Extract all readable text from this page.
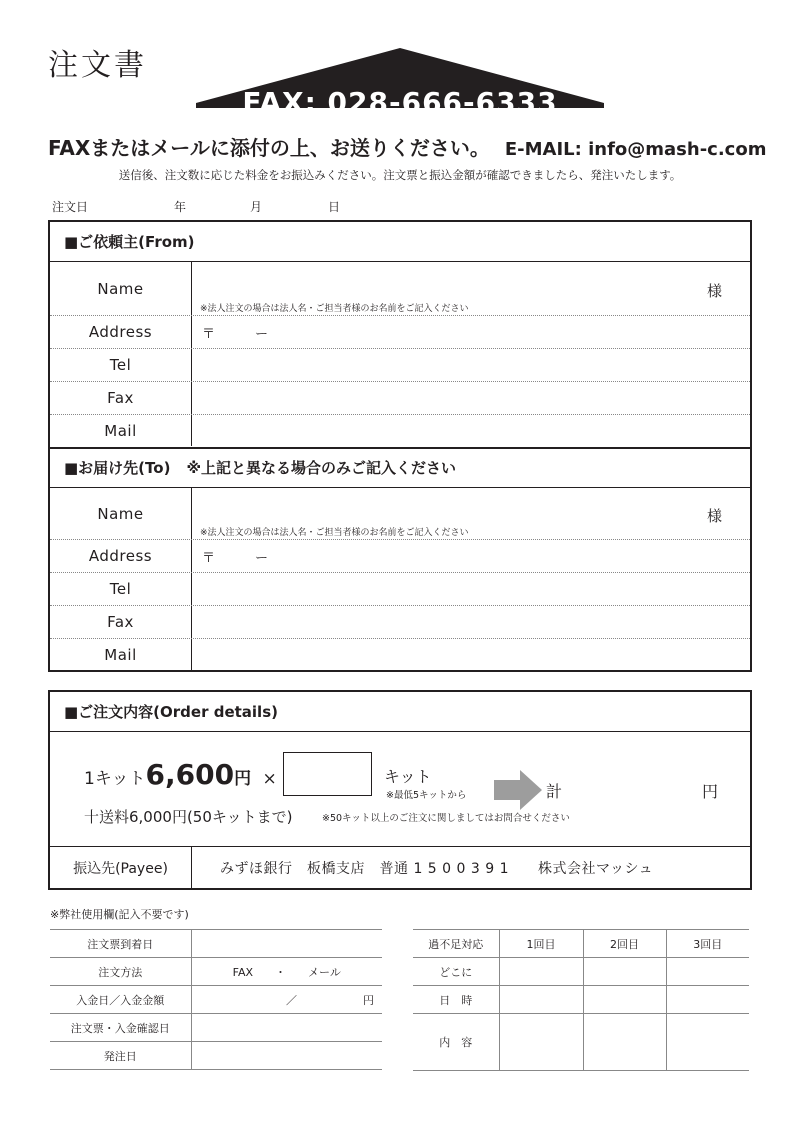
注文書
FAX: 028-666-6333
FAXまたはメールに添付の上、お送りください。 E-MAIL: info@mash-c.com
送信後、注文数に応じた料金をお振込みください。注文票と振込金額が確認できましたら、発注いたします。
注文日	年	月	日
■ご依頼主(From)
Name	様
※法人注文の場合は法人名・ご担当者様のお名前をご記入ください
Address	〒	ー
Tel
Fax
Mail
■お届け先(To) ※上記と異なる場合のみご記入ください
Name	様
※法人注文の場合は法人名・ご担当者様のお名前をご記入ください
Address	〒	ー
Tel
Fax
Mail
■ご注文内容(Order details)
1キット6,600円 ×	キット
※最低5キットから	計	円
十送料6,000円(50キットまで)	※50キット以上のご注文に関しましてはお問合せください
振込先(Payee)	みずほ銀行　板橋支店　普通 1 5 0 0 3 9 1　　株式会社マッシュ
※弊社使用欄(記入不要です)
注文票到着日	
注文方法	FAX　　・　　メール
入金日／入金金額	／　　　　　　円
注文票・入金確認日	
発注日	
過不足対応	1回目	2回目	3回目
どこに			
日　時			
内　容			
